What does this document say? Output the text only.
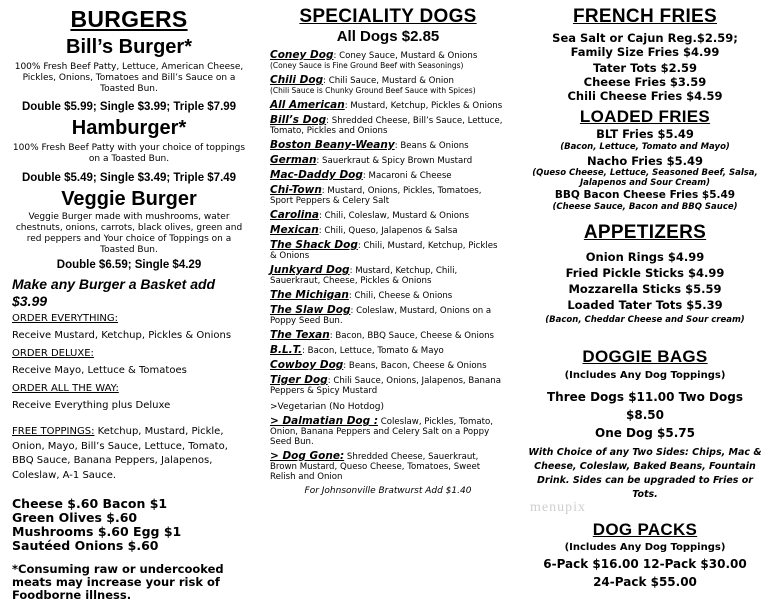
BURGERS
Bill’s Burger*
100% Fresh Beef Patty, Lettuce, American Cheese, Pickles, Onions, Tomatoes and Bill’s Sauce on a Toasted Bun.
Double $5.99; Single $3.99; Triple $7.99
Hamburger*
100% Fresh Beef Patty with your choice of toppings on a Toasted Bun.
Double $5.49; Single $3.49; Triple $7.49
Veggie Burger
Veggie Burger made with mushrooms, water chestnuts, onions, carrots, black olives, green and red peppers and Your choice of Toppings on a Toasted Bun.
Double $6.59; Single $4.29
Make any Burger a Basket add $3.99
ORDER EVERYTHING:
Receive Mustard, Ketchup, Pickles & Onions
ORDER DELUXE:
Receive Mayo, Lettuce & Tomatoes
ORDER ALL THE WAY:
Receive Everything plus Deluxe
FREE TOPPINGS: Ketchup, Mustard, Pickle, Onion, Mayo, Bill’s Sauce, Lettuce, Tomato, BBQ Sauce, Banana Peppers, Jalapenos, Coleslaw, A-1 Sauce.
Cheese $.60 Bacon $1
Green Olives $.60
Mushrooms $.60 Egg $1
Sautéed Onions $.60
*Consuming raw or undercooked meats may increase your risk of Foodborne illness.
SPECIALITY DOGS
All Dogs $2.85
Coney Dog: Coney Sauce, Mustard & Onions
(Coney Sauce is Fine Ground Beef with Seasonings)
Chili Dog: Chili Sauce, Mustard & Onion
(Chili Sauce is Chunky Ground Beef Sauce with Spices)
All American: Mustard, Ketchup, Pickles & Onions
Bill’s Dog: Shredded Cheese, Bill’s Sauce, Lettuce, Tomato, Pickles and Onions
Boston Beany-Weany: Beans & Onions
German: Sauerkraut & Spicy Brown Mustard
Mac-Daddy Dog: Macaroni & Cheese
Chi-Town: Mustard, Onions, Pickles, Tomatoes, Sport Peppers & Celery Salt
Carolina: Chili, Coleslaw, Mustard & Onions
Mexican: Chili, Queso, Jalapenos & Salsa
The Shack Dog: Chili, Mustard, Ketchup, Pickles & Onions
Junkyard Dog: Mustard, Ketchup, Chili, Sauerkraut, Cheese, Pickles & Onions
The Michigan: Chili, Cheese & Onions
The Slaw Dog: Coleslaw, Mustard, Onions on a Poppy Seed Bun.
The Texan: Bacon, BBQ Sauce, Cheese & Onions
B.L.T.: Bacon, Lettuce, Tomato & Mayo
Cowboy Dog: Beans, Bacon, Cheese & Onions
Tiger Dog: Chili Sauce, Onions, Jalapenos, Banana Peppers & Spicy Mustard
>Vegetarian (No Hotdog)
> Dalmatian Dog : Coleslaw, Pickles, Tomato, Onion, Banana Peppers and Celery Salt on a Poppy Seed Bun.
> Dog Gone: Shredded Cheese, Sauerkraut, Brown Mustard, Queso Cheese, Tomatoes, Sweet Relish and Onion
For Johnsonville Bratwurst Add $1.40
FRENCH FRIES
Sea Salt or Cajun Reg.$2.59;
Family Size Fries $4.99
Tater Tots $2.59
Cheese Fries $3.59
Chili Cheese Fries $4.59
LOADED FRIES
BLT Fries $5.49
(Bacon, Lettuce, Tomato and Mayo)
Nacho Fries $5.49
(Queso Cheese, Lettuce, Seasoned Beef, Salsa, Jalapenos and Sour Cream)
BBQ Bacon Cheese Fries $5.49
(Cheese Sauce, Bacon and BBQ Sauce)
APPETIZERS
Onion Rings $4.99
Fried Pickle Sticks $4.99
Mozzarella Sticks $5.59
Loaded Tater Tots $5.39
(Bacon, Cheddar Cheese and Sour cream)
DOGGIE BAGS
(Includes Any Dog Toppings)
Three Dogs $11.00 Two Dogs $8.50
One Dog $5.75
With Choice of any Two Sides: Chips, Mac & Cheese, Coleslaw, Baked Beans, Fountain Drink. Sides can be upgraded to Fries or Tots.
DOG PACKS
(Includes Any Dog Toppings)
6-Pack $16.00 12-Pack $30.00
24-Pack $55.00
menupix
